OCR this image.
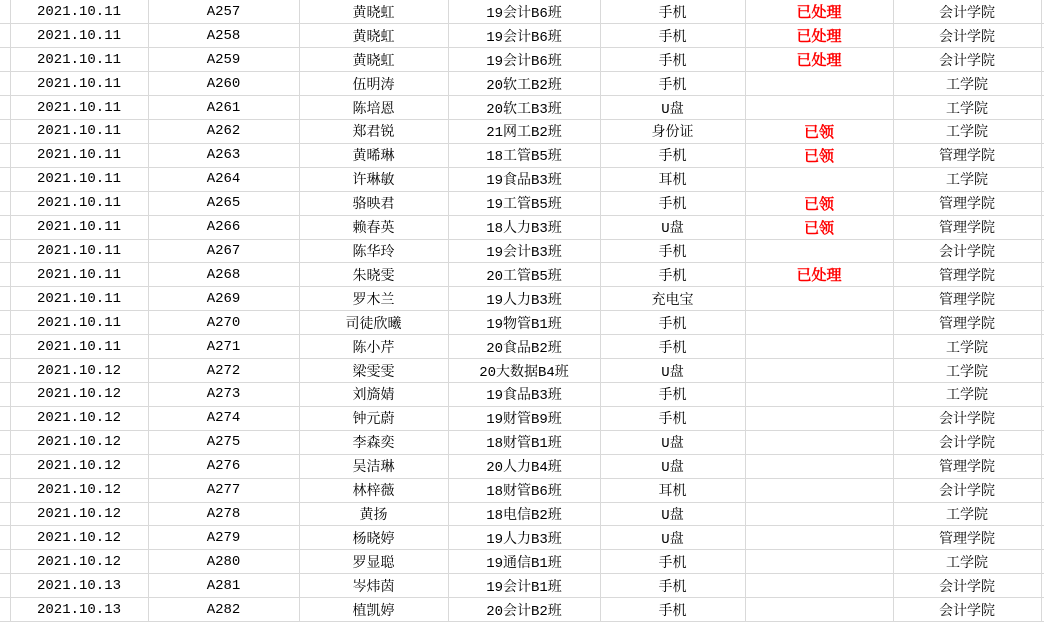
	2021.10.11	A257	黄晓虹	19会计B6班	手机	已处理	会计学院	
	2021.10.11	A258	黄晓虹	19会计B6班	手机	已处理	会计学院	
	2021.10.11	A259	黄晓虹	19会计B6班	手机	已处理	会计学院	
	2021.10.11	A260	伍明涛	20软工B2班	手机		工学院	
	2021.10.11	A261	陈培恩	20软工B3班	U盘		工学院	
	2021.10.11	A262	郑君锐	21网工B2班	身份证	已领	工学院	
	2021.10.11	A263	黄晞琳	18工管B5班	手机	已领	管理学院	
	2021.10.11	A264	许琳敏	19食品B3班	耳机		工学院	
	2021.10.11	A265	骆映君	19工管B5班	手机	已领	管理学院	
	2021.10.11	A266	赖春英	18人力B3班	U盘	已领	管理学院	
	2021.10.11	A267	陈华玲	19会计B3班	手机		会计学院	
	2021.10.11	A268	朱晓雯	20工管B5班	手机	已处理	管理学院	
	2021.10.11	A269	罗木兰	19人力B3班	充电宝		管理学院	
	2021.10.11	A270	司徒欣曦	19物管B1班	手机		管理学院	
	2021.10.11	A271	陈小芹	20食品B2班	手机		工学院	
	2021.10.12	A272	梁雯雯	20大数据B4班	U盘		工学院	
	2021.10.12	A273	刘旖婧	19食品B3班	手机		工学院	
	2021.10.12	A274	钟元蔚	19财管B9班	手机		会计学院	
	2021.10.12	A275	李森奕	18财管B1班	U盘		会计学院	
	2021.10.12	A276	吴洁琳	20人力B4班	U盘		管理学院	
	2021.10.12	A277	林梓薇	18财管B6班	耳机		会计学院	
	2021.10.12	A278	黄扬	18电信B2班	U盘		工学院	
	2021.10.12	A279	杨晓婷	19人力B3班	U盘		管理学院	
	2021.10.12	A280	罗显聪	19通信B1班	手机		工学院	
	2021.10.13	A281	岑炜茵	19会计B1班	手机		会计学院	
	2021.10.13	A282	植凯婷	20会计B2班	手机		会计学院	
